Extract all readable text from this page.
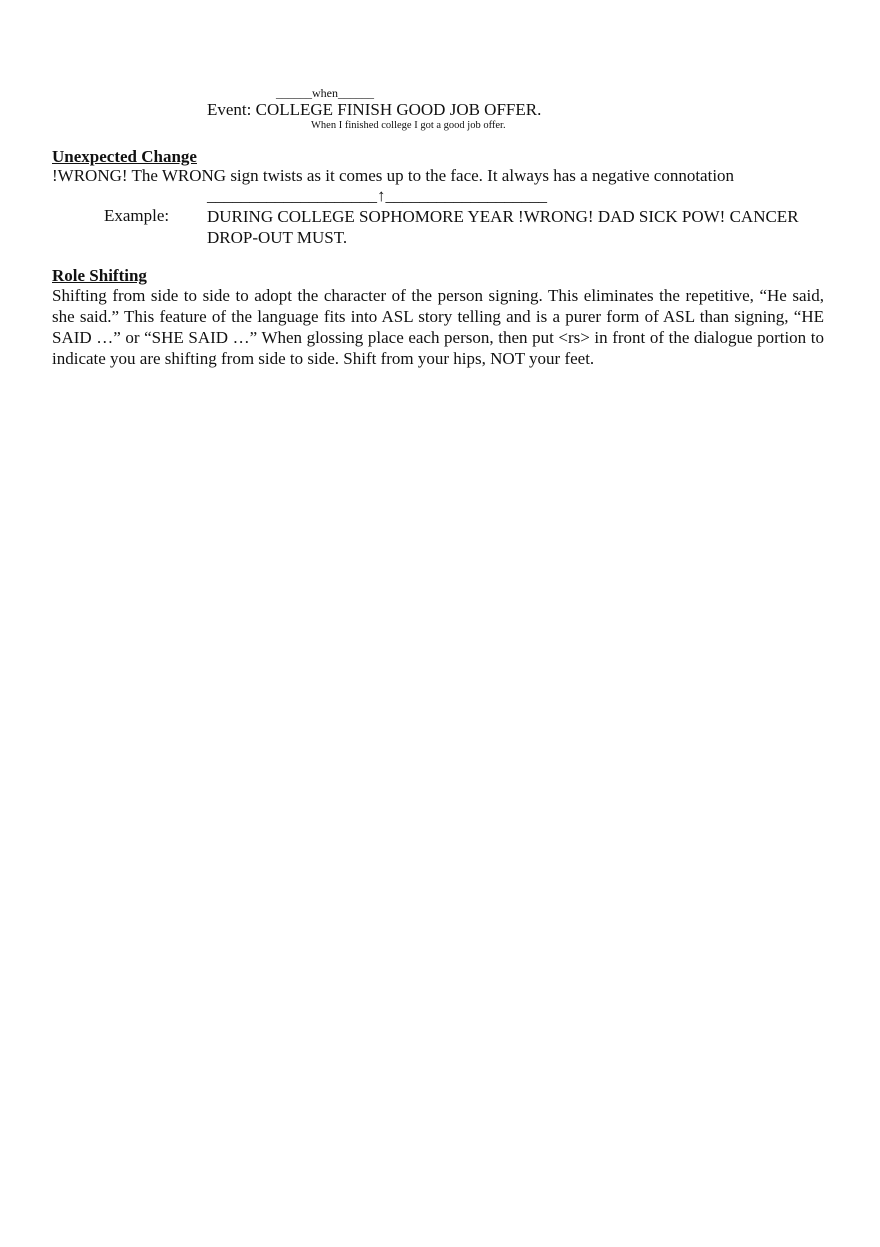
______when______
Event: COLLEGE FINISH GOOD JOB OFFER.
When I finished college I got a good job offer.
Unexpected Change
!WRONG! The WRONG sign twists as it comes up to the face. It always has a negative connotation
____________________↑___________________
Example: DURING COLLEGE SOPHOMORE YEAR !WRONG! DAD SICK POW! CANCER DROP-OUT MUST.
Role Shifting
Shifting from side to side to adopt the character of the person signing. This eliminates the repetitive, “He said, she said.” This feature of the language fits into ASL story telling and is a purer form of ASL than signing, “HE SAID …” or “SHE SAID …” When glossing place each person, then put <rs> in front of the dialogue portion to indicate you are shifting from side to side. Shift from your hips, NOT your feet.
